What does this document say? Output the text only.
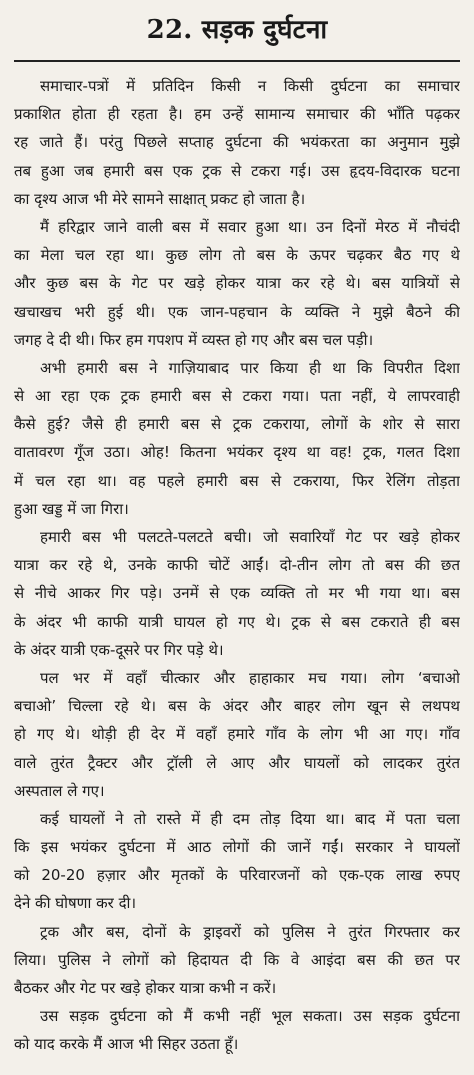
22. सड़क दुर्घटना
समाचार-पत्रों में प्रतिदिन किसी न किसी दुर्घटना का समाचार
प्रकाशित होता ही रहता है। हम उन्हें सामान्य समाचार की भाँति पढ़कर
रह जाते हैं। परंतु पिछले सप्ताह दुर्घटना की भयंकरता का अनुमान मुझे
तब हुआ जब हमारी बस एक ट्रक से टकरा गई। उस हृदय-विदारक घटना
का दृश्य आज भी मेरे सामने साक्षात् प्रकट हो जाता है।
मैं हरिद्वार जाने वाली बस में सवार हुआ था। उन दिनों मेरठ में नौचंदी
का मेला चल रहा था। कुछ लोग तो बस के ऊपर चढ़कर बैठ गए थे
और कुछ बस के गेट पर खड़े होकर यात्रा कर रहे थे। बस यात्रियों से
खचाखच भरी हुई थी। एक जान-पहचान के व्यक्ति ने मुझे बैठने की
जगह दे दी थी। फिर हम गपशप में व्यस्त हो गए और बस चल पड़ी।
अभी हमारी बस ने गाज़ियाबाद पार किया ही था कि विपरीत दिशा
से आ रहा एक ट्रक हमारी बस से टकरा गया। पता नहीं, ये लापरवाही
कैसे हुई? जैसे ही हमारी बस से ट्रक टकराया, लोगों के शोर से सारा
वातावरण गूँज उठा। ओह! कितना भयंकर दृश्य था वह! ट्रक, गलत दिशा
में चल रहा था। वह पहले हमारी बस से टकराया, फिर रेलिंग तोड़ता
हुआ खड्ड में जा गिरा।
हमारी बस भी पलटते-पलटते बची। जो सवारियाँ गेट पर खड़े होकर
यात्रा कर रहे थे, उनके काफी चोटें आईं। दो-तीन लोग तो बस की छत
से नीचे आकर गिर पड़े। उनमें से एक व्यक्ति तो मर भी गया था। बस
के अंदर भी काफी यात्री घायल हो गए थे। ट्रक से बस टकराते ही बस
के अंदर यात्री एक-दूसरे पर गिर पड़े थे।
पल भर में वहाँ चीत्कार और हाहाकार मच गया। लोग ‘बचाओ
बचाओ’ चिल्ला रहे थे। बस के अंदर और बाहर लोग खून से लथपथ
हो गए थे। थोड़ी ही देर में वहाँ हमारे गाँव के लोग भी आ गए। गाँव
वाले तुरंत ट्रैक्टर और ट्रॉली ले आए और घायलों को लादकर तुरंत
अस्पताल ले गए।
कई घायलों ने तो रास्ते में ही दम तोड़ दिया था। बाद में पता चला
कि इस भयंकर दुर्घटना में आठ लोगों की जानें गईं। सरकार ने घायलों
को 20-20 हज़ार और मृतकों के परिवारजनों को एक-एक लाख रुपए
देने की घोषणा कर दी।
ट्रक और बस, दोनों के ड्राइवरों को पुलिस ने तुरंत गिरफ्तार कर
लिया। पुलिस ने लोगों को हिदायत दी कि वे आइंदा बस की छत पर
बैठकर और गेट पर खड़े होकर यात्रा कभी न करें।
उस सड़क दुर्घटना को मैं कभी नहीं भूल सकता। उस सड़क दुर्घटना
को याद करके मैं आज भी सिहर उठता हूँ।
